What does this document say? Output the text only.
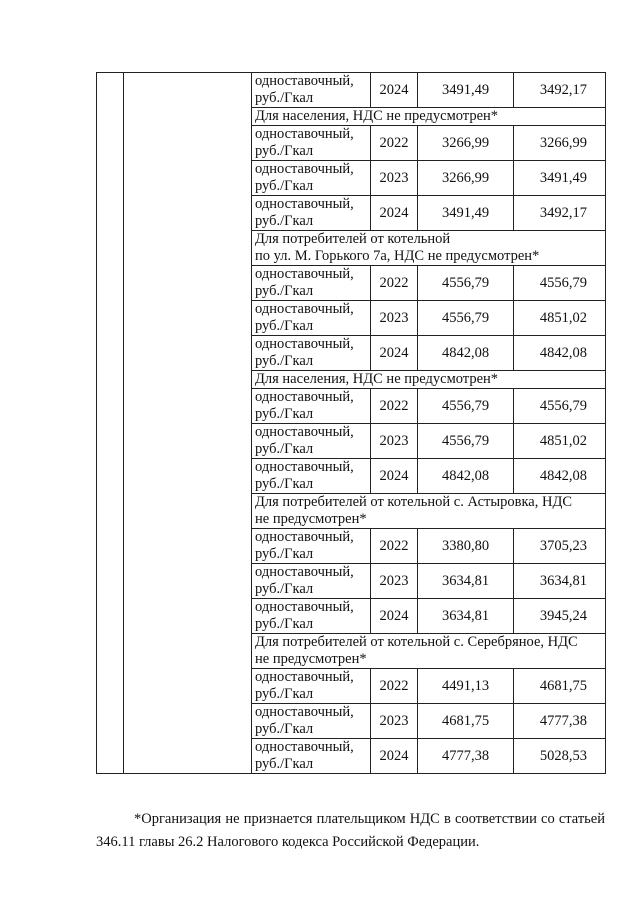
		одноставочный, руб./Гкал	2024	3491,49	3492,17

		Для населения, НДС не предусмотрен*			

		одноставочный, руб./Гкал	2022	3266,99	3266,99
		одноставочный, руб./Гкал	2023	3266,99	3491,49
		одноставочный, руб./Гкал	2024	3491,49	3492,17

		Для потребителей от котельной
по ул. М. Горького 7а, НДС не предусмотрен*			

		одноставочный, руб./Гкал	2022	4556,79	4556,79
		одноставочный, руб./Гкал	2023	4556,79	4851,02
		одноставочный, руб./Гкал	2024	4842,08	4842,08

		Для населения, НДС не предусмотрен*			

		одноставочный, руб./Гкал	2022	4556,79	4556,79
		одноставочный, руб./Гкал	2023	4556,79	4851,02
		одноставочный, руб./Гкал	2024	4842,08	4842,08

		Для потребителей от котельной с. Астыровка, НДС
не предусмотрен*			

		одноставочный, руб./Гкал	2022	3380,80	3705,23
		одноставочный, руб./Гкал	2023	3634,81	3634,81
		одноставочный, руб./Гкал	2024	3634,81	3945,24

		Для потребителей от котельной с. Серебряное, НДС
не предусмотрен*			

		одноставочный, руб./Гкал	2022	4491,13	4681,75
		одноставочный, руб./Гкал	2023	4681,75	4777,38
		одноставочный, руб./Гкал	2024	4777,38	5028,53

*Организация не признается плательщиком НДС в соответствии со статьей 346.11 главы 26.2 Налогового кодекса Российской Федерации.
